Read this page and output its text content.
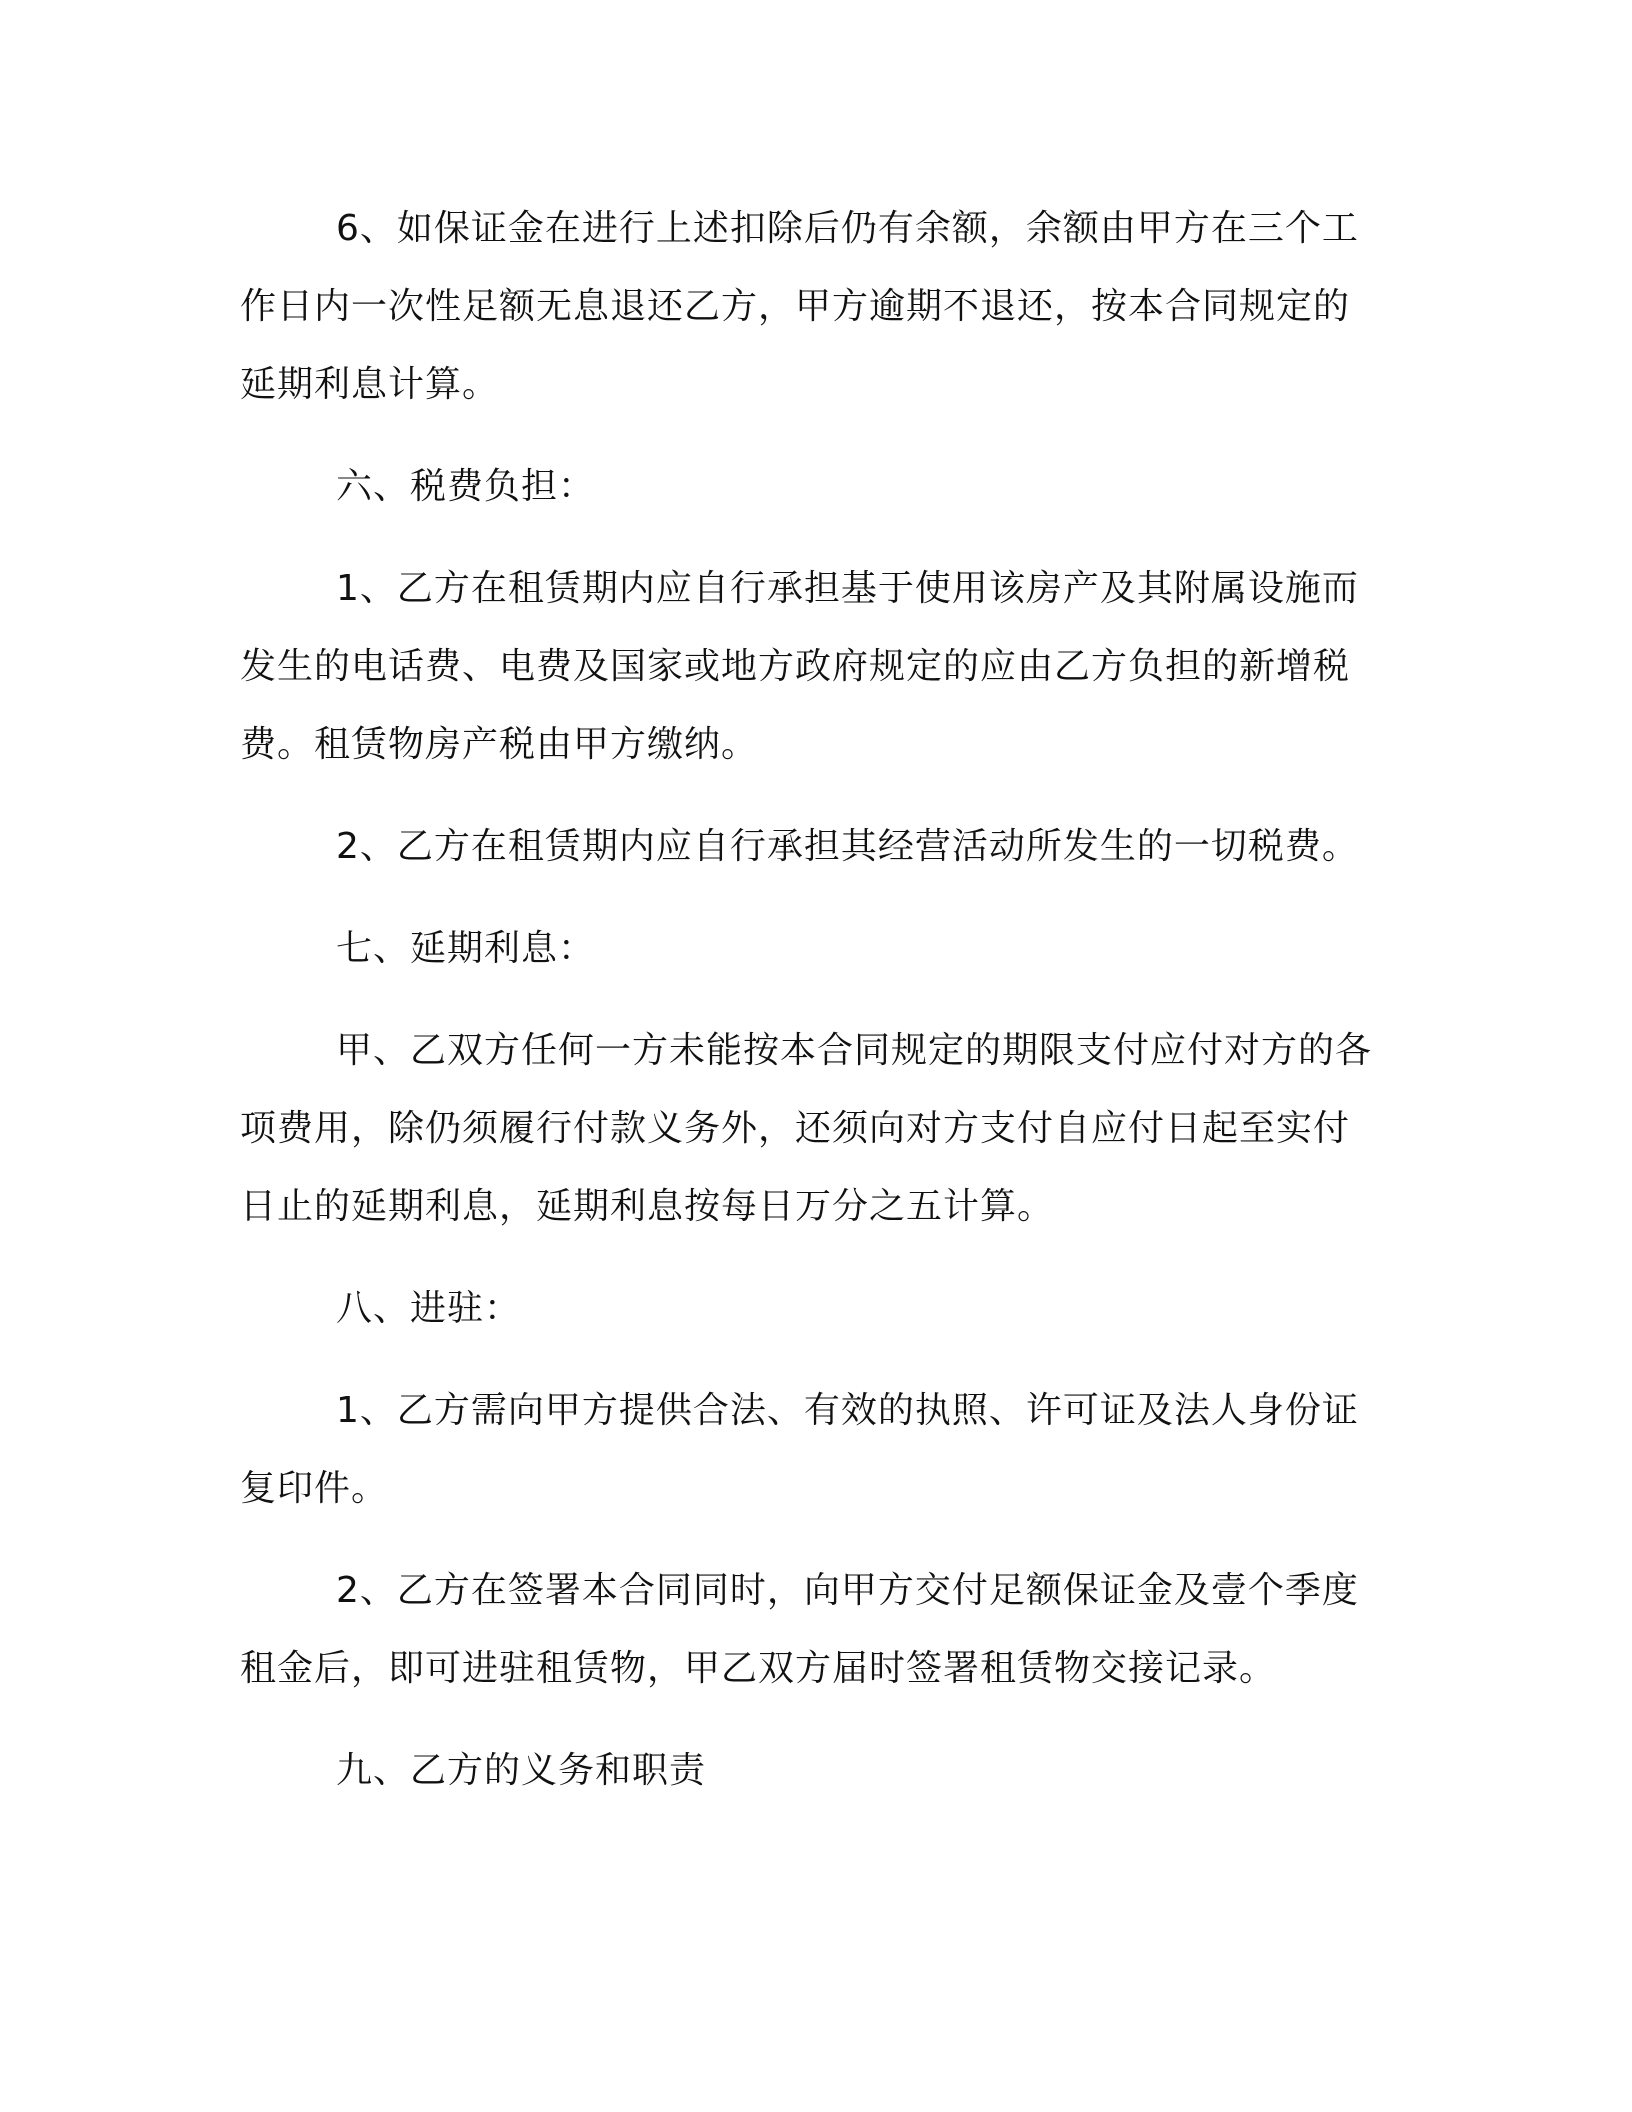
6、如保证金在进行上述扣除后仍有余额，余额由甲方在三个工作日内一次性足额无息退还乙方，甲方逾期不退还，按本合同规定的延期利息计算。

六、税费负担：

1、乙方在租赁期内应自行承担基于使用该房产及其附属设施而发生的电话费、电费及国家或地方政府规定的应由乙方负担的新增税费。租赁物房产税由甲方缴纳。

2、乙方在租赁期内应自行承担其经营活动所发生的一切税费。

七、延期利息：

甲、乙双方任何一方未能按本合同规定的期限支付应付对方的各项费用，除仍须履行付款义务外，还须向对方支付自应付日起至实付日止的延期利息，延期利息按每日万分之五计算。

八、进驻：

1、乙方需向甲方提供合法、有效的执照、许可证及法人身份证复印件。

2、乙方在签署本合同同时，向甲方交付足额保证金及壹个季度租金后，即可进驻租赁物，甲乙双方届时签署租赁物交接记录。

九、乙方的义务和职责
